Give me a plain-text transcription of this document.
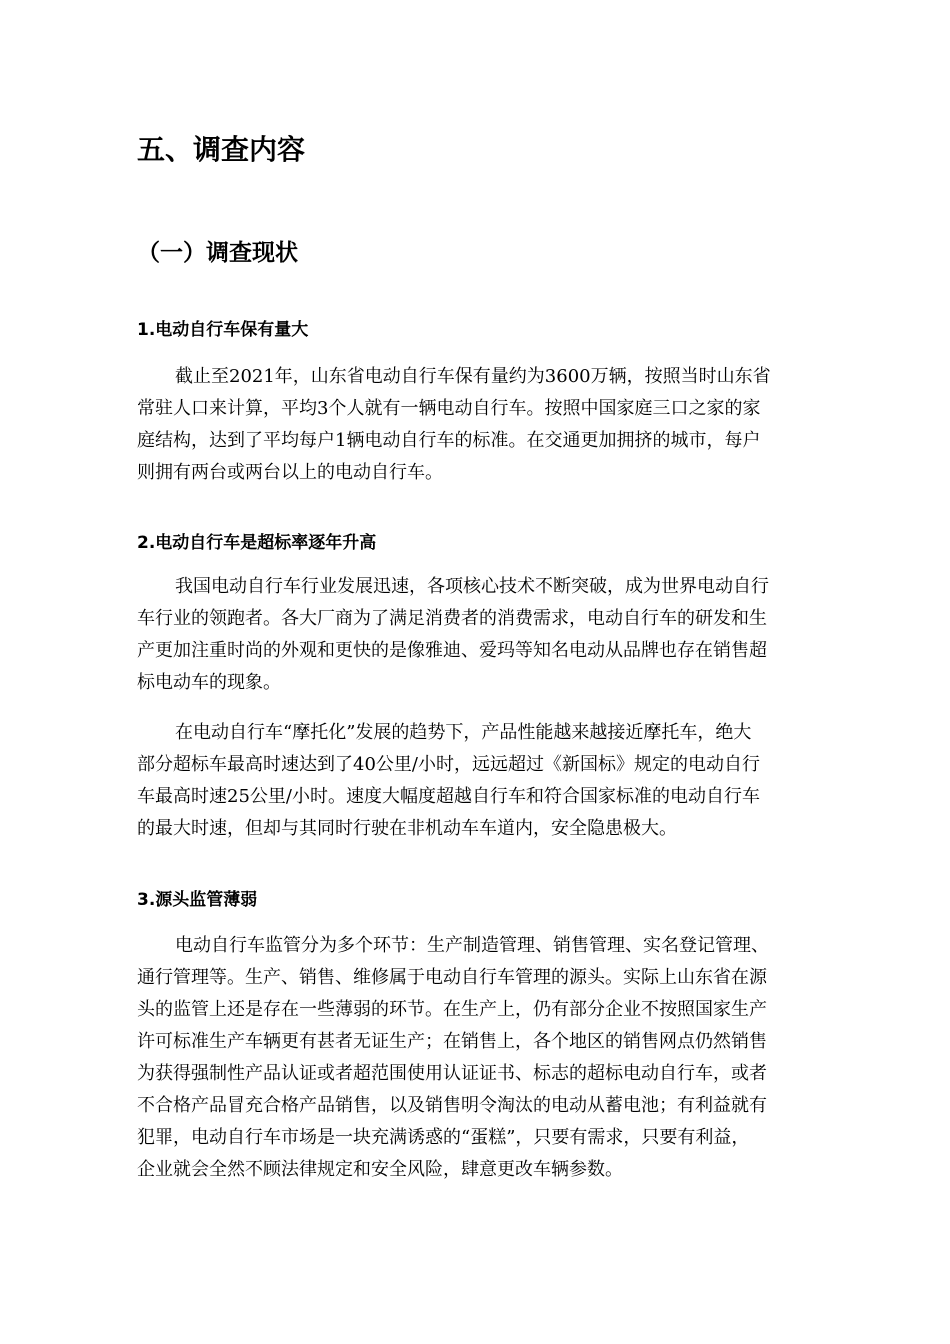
五、调查内容
（一）调查现状
1.电动自行车保有量大
截止至2021年，山东省电动自行车保有量约为3600万辆，按照当时山东省
常驻人口来计算，平均3个人就有一辆电动自行车。按照中国家庭三口之家的家
庭结构，达到了平均每户1辆电动自行车的标准。在交通更加拥挤的城市，每户
则拥有两台或两台以上的电动自行车。
2.电动自行车是超标率逐年升高
我国电动自行车行业发展迅速，各项核心技术不断突破，成为世界电动自行
车行业的领跑者。各大厂商为了满足消费者的消费需求，电动自行车的研发和生
产更加注重时尚的外观和更快的是像雅迪、爱玛等知名电动从品牌也存在销售超
标电动车的现象。
在电动自行车“摩托化”发展的趋势下，产品性能越来越接近摩托车，绝大
部分超标车最高时速达到了40公里/小时，远远超过《新国标》规定的电动自行
车最高时速25公里/小时。速度大幅度超越自行车和符合国家标准的电动自行车
的最大时速，但却与其同时行驶在非机动车车道内，安全隐患极大。
3.源头监管薄弱
电动自行车监管分为多个环节：生产制造管理、销售管理、实名登记管理、
通行管理等。生产、销售、维修属于电动自行车管理的源头。实际上山东省在源
头的监管上还是存在一些薄弱的环节。在生产上，仍有部分企业不按照国家生产
许可标准生产车辆更有甚者无证生产；在销售上，各个地区的销售网点仍然销售
为获得强制性产品认证或者超范围使用认证证书、标志的超标电动自行车，或者
不合格产品冒充合格产品销售，以及销售明令淘汰的电动从蓄电池；有利益就有
犯罪，电动自行车市场是一块充满诱惑的“蛋糕”，只要有需求，只要有利益，
企业就会全然不顾法律规定和安全风险，肆意更改车辆参数。
